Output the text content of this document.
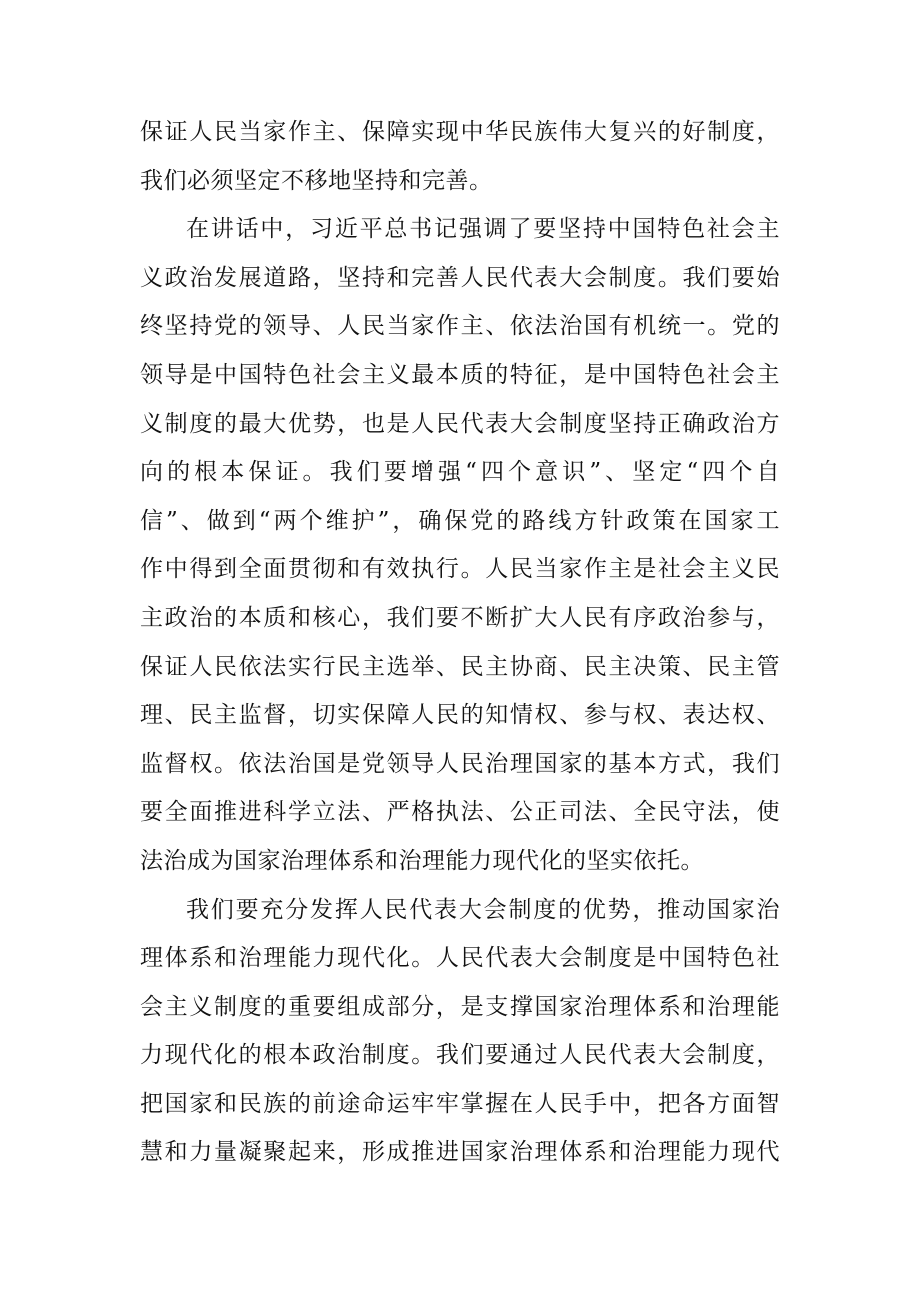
保证人民当家作主、保障实现中华民族伟大复兴的好制度，
我们必须坚定不移地坚持和完善。
在讲话中，习近平总书记强调了要坚持中国特色社会主
义政治发展道路，坚持和完善人民代表大会制度。我们要始
终坚持党的领导、人民当家作主、依法治国有机统一。党的
领导是中国特色社会主义最本质的特征，是中国特色社会主
义制度的最大优势，也是人民代表大会制度坚持正确政治方
向的根本保证。我们要增强“四个意识”、坚定“四个自
信”、做到“两个维护”，确保党的路线方针政策在国家工
作中得到全面贯彻和有效执行。人民当家作主是社会主义民
主政治的本质和核心，我们要不断扩大人民有序政治参与，
保证人民依法实行民主选举、民主协商、民主决策、民主管
理、民主监督，切实保障人民的知情权、参与权、表达权、
监督权。依法治国是党领导人民治理国家的基本方式，我们
要全面推进科学立法、严格执法、公正司法、全民守法，使
法治成为国家治理体系和治理能力现代化的坚实依托。
我们要充分发挥人民代表大会制度的优势，推动国家治
理体系和治理能力现代化。人民代表大会制度是中国特色社
会主义制度的重要组成部分，是支撑国家治理体系和治理能
力现代化的根本政治制度。我们要通过人民代表大会制度，
把国家和民族的前途命运牢牢掌握在人民手中，把各方面智
慧和力量凝聚起来，形成推进国家治理体系和治理能力现代
